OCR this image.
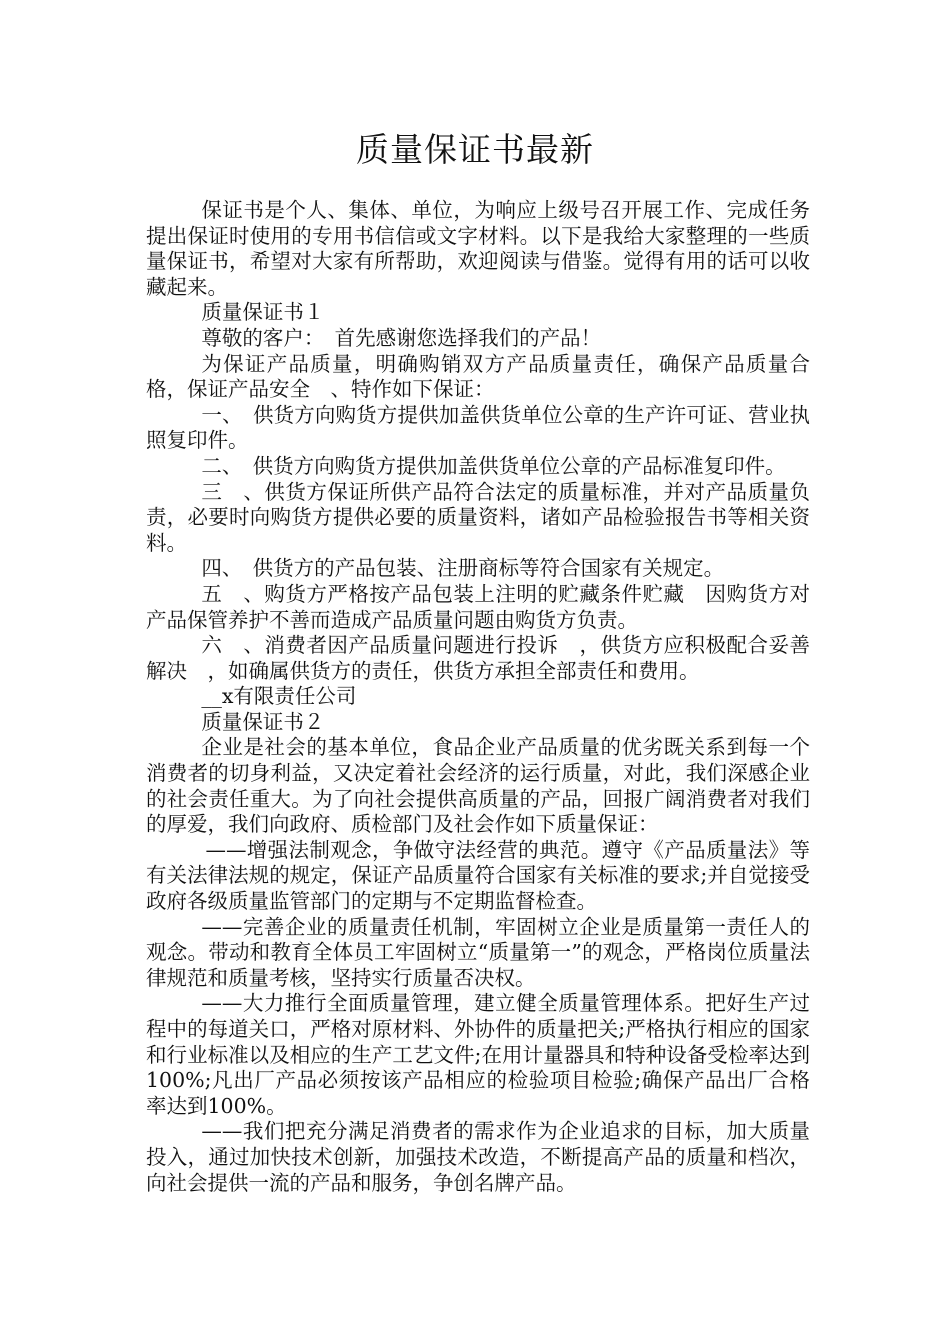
质量保证书最新

保证书是个人、集体、单位，为响应上级号召开展工作、完成任务提出保证时使用的专用书信信或文字材料。以下是我给大家整理的一些质量保证书，希望对大家有所帮助，欢迎阅读与借鉴。觉得有用的话可以收藏起来。

质量保证书１

尊敬的客户：　首先感谢您选择我们的产品！

为保证产品质量，明确购销双方产品质量责任，确保产品质量合格，保证产品安全　、特作如下保证：

一、　供货方向购货方提供加盖供货单位公章的生产许可证、营业执照复印件。

二、　供货方向购货方提供加盖供货单位公章的产品标准复印件。

三　、供货方保证所供产品符合法定的质量标准，并对产品质量负责，必要时向购货方提供必要的质量资料，诸如产品检验报告书等相关资料。

四、　供货方的产品包装、注册商标等符合国家有关规定。

五　、购货方严格按产品包装上注明的贮藏条件贮藏　因购货方对产品保管养护不善而造成产品质量问题由购货方负责。

六　、消费者因产品质量问题进行投诉　，供货方应积极配合妥善解决　，如确属供货方的责任，供货方承担全部责任和费用。

__x有限责任公司

质量保证书２

企业是社会的基本单位，食品企业产品质量的优劣既关系到每一个消费者的切身利益，又决定着社会经济的运行质量，对此，我们深感企业的社会责任重大。为了向社会提供高质量的产品，回报广阔消费者对我们的厚爱，我们向政府、质检部门及社会作如下质量保证：

——增强法制观念，争做守法经营的典范。遵守《产品质量法》等有关法律法规的规定，保证产品质量符合国家有关标准的要求;并自觉接受政府各级质量监管部门的定期与不定期监督检查。

——完善企业的质量责任机制，牢固树立企业是质量第一责任人的观念。带动和教育全体员工牢固树立“质量第一”的观念，严格岗位质量法律规范和质量考核，坚持实行质量否决权。

——大力推行全面质量管理，建立健全质量管理体系。把好生产过程中的每道关口，严格对原材料、外协件的质量把关;严格执行相应的国家和行业标准以及相应的生产工艺文件;在用计量器具和特种设备受检率达到100%;凡出厂产品必须按该产品相应的检验项目检验;确保产品出厂合格率达到100%。

——我们把充分满足消费者的需求作为企业追求的目标，加大质量投入，通过加快技术创新，加强技术改造，不断提高产品的质量和档次，向社会提供一流的产品和服务，争创名牌产品。
